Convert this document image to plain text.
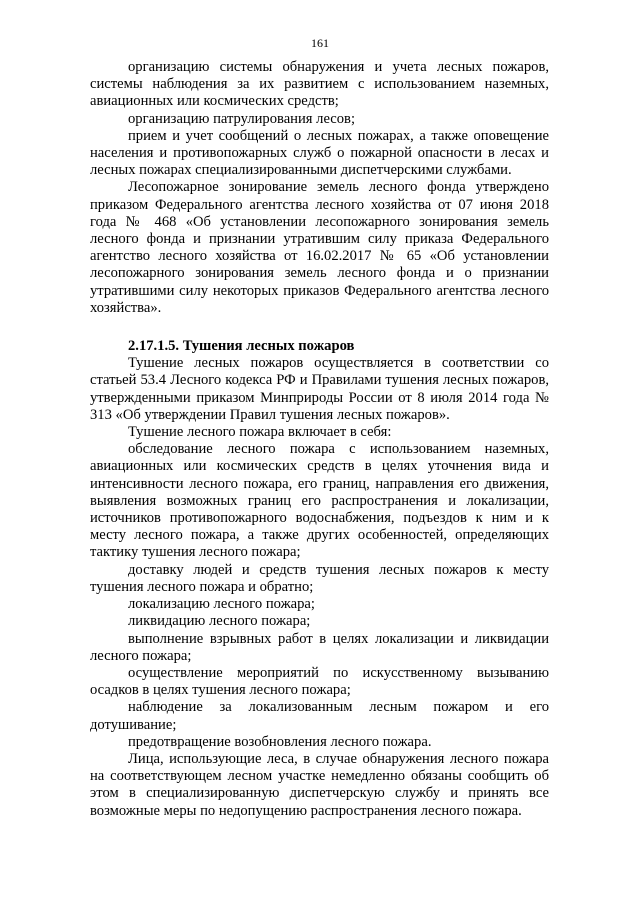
161

организацию системы обнаружения и учета лесных пожаров, системы наблюдения за их развитием с использованием наземных, авиационных или космических средств;

организацию патрулирования лесов;

прием и учет сообщений о лесных пожарах, а также оповещение населения и противопожарных служб о пожарной опасности в лесах и лесных пожарах специализированными диспетчерскими службами.

Лесопожарное зонирование земель лесного фонда утверждено приказом Федерального агентства лесного хозяйства от 07 июня 2018 года № 468 «Об установлении лесопожарного зонирования земель лесного фонда и признании утратившим силу приказа Федерального агентство лесного хозяйства от 16.02.2017 № 65 «Об установлении лесопожарного зонирования земель лесного фонда и о признании утратившими силу некоторых приказов Федерального агентства лесного хозяйства».

2.17.1.5. Тушения лесных пожаров

Тушение лесных пожаров осуществляется в соответствии со статьей 53.4 Лесного кодекса РФ и Правилами тушения лесных пожаров, утвержденными приказом Минприроды России от 8 июля 2014 года № 313 «Об утверждении Правил тушения лесных пожаров».

Тушение лесного пожара включает в себя:

обследование лесного пожара с использованием наземных, авиационных или космических средств в целях уточнения вида и интенсивности лесного пожара, его границ, направления его движения, выявления возможных границ его распространения и локализации, источников противопожарного водоснабжения, подъездов к ним и к месту лесного пожара, а также других особенностей, определяющих тактику тушения лесного пожара;

доставку людей и средств тушения лесных пожаров к месту тушения лесного пожара и обратно;

локализацию лесного пожара;

ликвидацию лесного пожара;

выполнение взрывных работ в целях локализации и ликвидации лесного пожара;

осуществление мероприятий по искусственному вызыванию осадков в целях тушения лесного пожара;

наблюдение за локализованным лесным пожаром и его дотушивание;

предотвращение возобновления лесного пожара.

Лица, использующие леса, в случае обнаружения лесного пожара на соответствующем лесном участке немедленно обязаны сообщить об этом в специализированную диспетчерскую службу и принять все возможные меры по недопущению распространения лесного пожара.
